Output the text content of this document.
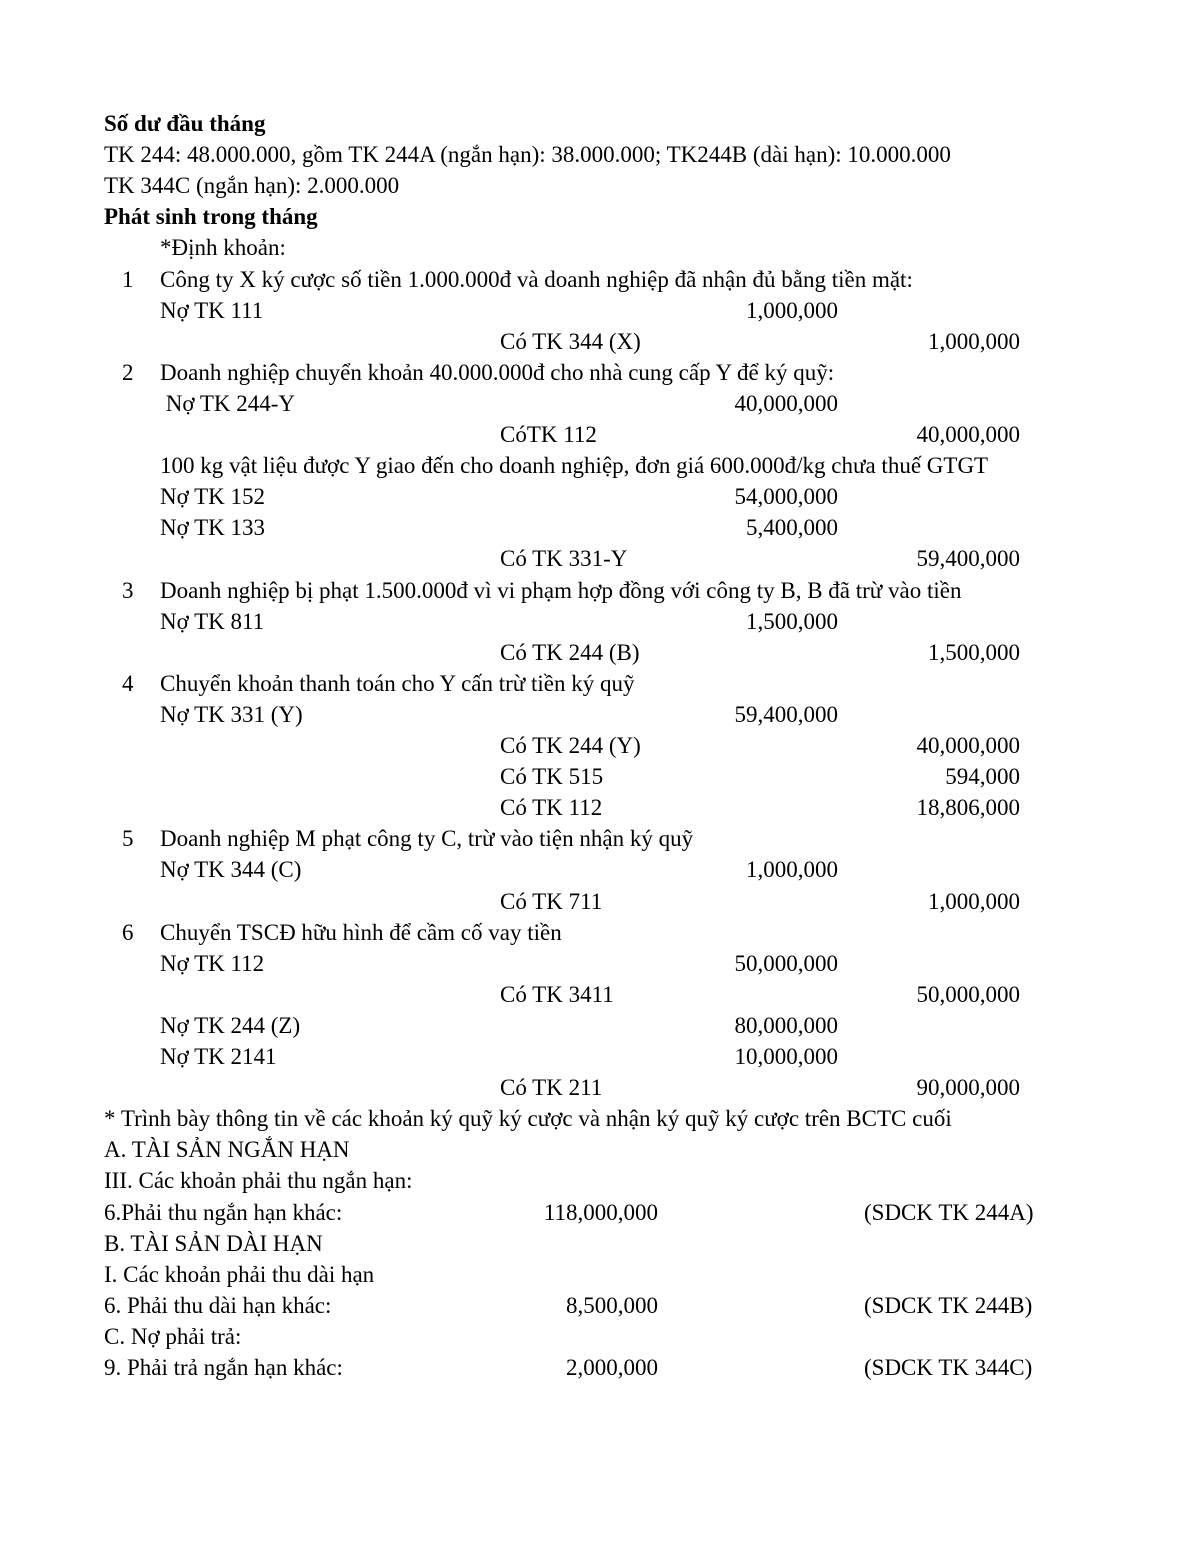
Số dư đầu tháng
TK 244: 48.000.000, gồm TK 244A (ngắn hạn): 38.000.000; TK244B (dài hạn): 10.000.000
TK 344C (ngắn hạn): 2.000.000
Phát sinh trong tháng
*Định khoản:
1 Công ty X ký cược số tiền 1.000.000đ và doanh nghiệp đã nhận đủ bằng tiền mặt:
Nợ TK 111	1,000,000
Có TK 344 (X)	1,000,000
2 Doanh nghiệp chuyển khoản 40.000.000đ cho nhà cung cấp Y để ký quỹ:
Nợ TK 244-Y	40,000,000
CóTK 112	40,000,000
100 kg vật liệu được Y giao đến cho doanh nghiệp, đơn giá 600.000đ/kg chưa thuế GTGT
Nợ TK 152	54,000,000
Nợ TK 133	5,400,000
Có TK 331-Y	59,400,000
3 Doanh nghiệp bị phạt 1.500.000đ vì vi phạm hợp đồng với công ty B, B đã trừ vào tiền
Nợ TK 811	1,500,000
Có TK 244 (B)	1,500,000
4 Chuyển khoản thanh toán cho Y cấn trừ tiền ký quỹ
Nợ TK 331 (Y)	59,400,000
Có TK 244 (Y)	40,000,000
Có TK 515	594,000
Có TK 112	18,806,000
5 Doanh nghiệp M phạt công ty C, trừ vào tiện nhận ký quỹ
Nợ TK 344 (C)	1,000,000
Có TK 711	1,000,000
6 Chuyển TSCĐ hữu hình để cầm cố vay tiền
Nợ TK 112	50,000,000
Có TK 3411	50,000,000
Nợ TK 244 (Z)	80,000,000
Nợ TK 2141	10,000,000
Có TK 211	90,000,000
* Trình bày thông tin về các khoản ký quỹ ký cược và nhận ký quỹ ký cược trên BCTC cuối
A. TÀI SẢN NGẮN HẠN
III. Các khoản phải thu ngắn hạn:
6.Phải thu ngắn hạn khác:	118,000,000	(SDCK TK 244A)
B. TÀI SẢN DÀI HẠN
I. Các khoản phải thu dài hạn
6. Phải thu dài hạn khác:	8,500,000	(SDCK TK 244B)
C. Nợ phải trả:
9. Phải trả ngắn hạn khác:	2,000,000	(SDCK TK 344C)
